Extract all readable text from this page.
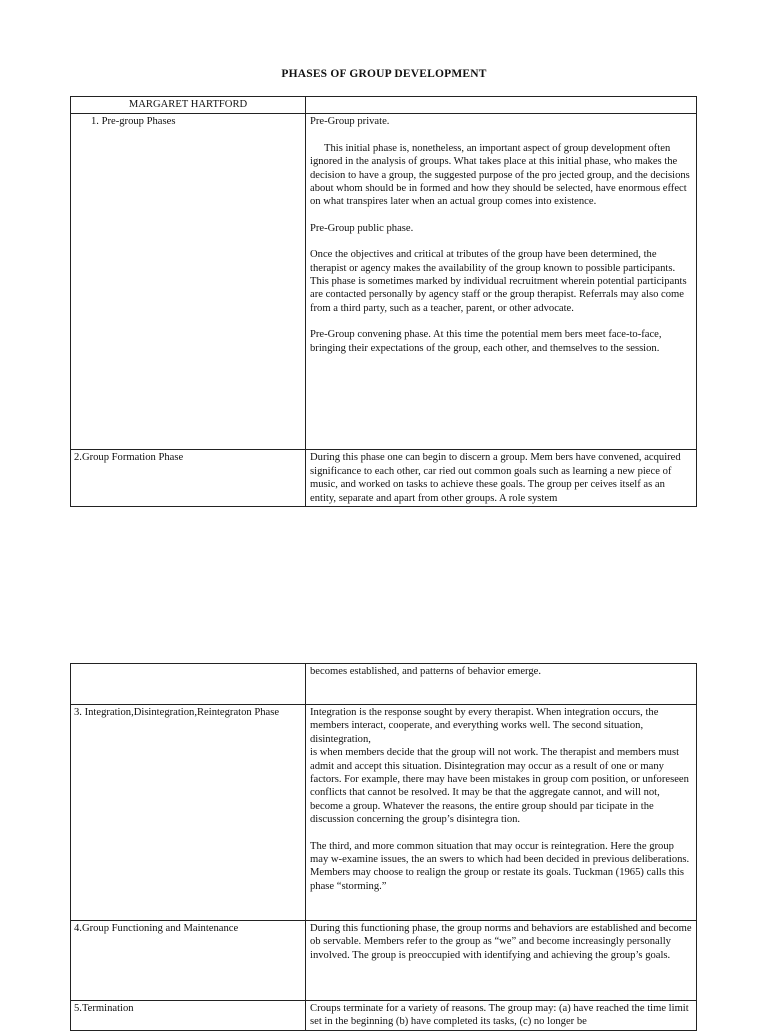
PHASES OF GROUP DEVELOPMENT
MARGARET HARTFORD	
1. Pre-group Phases	Pre-Group private.

This initial phase is, nonetheless, an important aspect of group development often ignored in the analysis of groups. What takes place at this initial phase, who makes the decision to have a group, the suggested purpose of the pro jected group, and the decisions about whom should be in formed and how they should be selected, have enormous effect on what transpires later when an actual group comes into existence.

Pre-Group public phase.

Once the objectives and critical at tributes of the group have been determined, the therapist or agency makes the availability of the group known to possible participants. This phase is sometimes marked by individual recruitment wherein potential participants are contacted personally by agency staff or the group therapist. Referrals may also come from a third party, such as a teacher, parent, or other advocate.

Pre-Group convening phase. At this time the potential mem bers meet face-to-face, bringing their expectations of the group, each other, and themselves to the session.

2.Group Formation Phase	During this phase one can begin to discern a group. Mem bers have convened, acquired significance to each other, car ried out common goals such as learning a new piece of music, and worked on tasks to achieve these goals. The group per ceives itself as an entity, separate and apart from other groups. A role system

	becomes established, and patterns of behavior emerge.
3. Integration,Disintegration,Reintegraton Phase	Integration is the response sought by every therapist. When integration occurs, the members interact, cooperate, and everything works well. The second situation, disintegration,

is when members decide that the group will not work. The therapist and members must admit and accept this situation. Disintegration may occur as a result of one or many factors. For example, there may have been mistakes in group com position, or unforeseen conflicts that cannot be resolved. It may be that the aggregate cannot, and will not, become a group. Whatever the reasons, the entire group should par ticipate in the discussion concerning the group’s disintegra tion.

The third, and more common situation that may occur is reintegration. Here the group may w-examine issues, the an swers to which had been decided in previous deliberations. Members may choose to realign the group or restate its goals. Tuckman (1965) calls this phase “storming.”

4.Group Functioning and Maintenance	During this functioning phase, the group norms and behaviors are established and become ob servable. Members refer to the group as “we” and become increasingly personally involved. The group is preoccupied with identifying and achieving the group’s goals.
5.Termination	Croups terminate for a variety of reasons. The group may: (a) have reached the time limit set in the beginning (b) have completed its tasks, (c) no longer be
